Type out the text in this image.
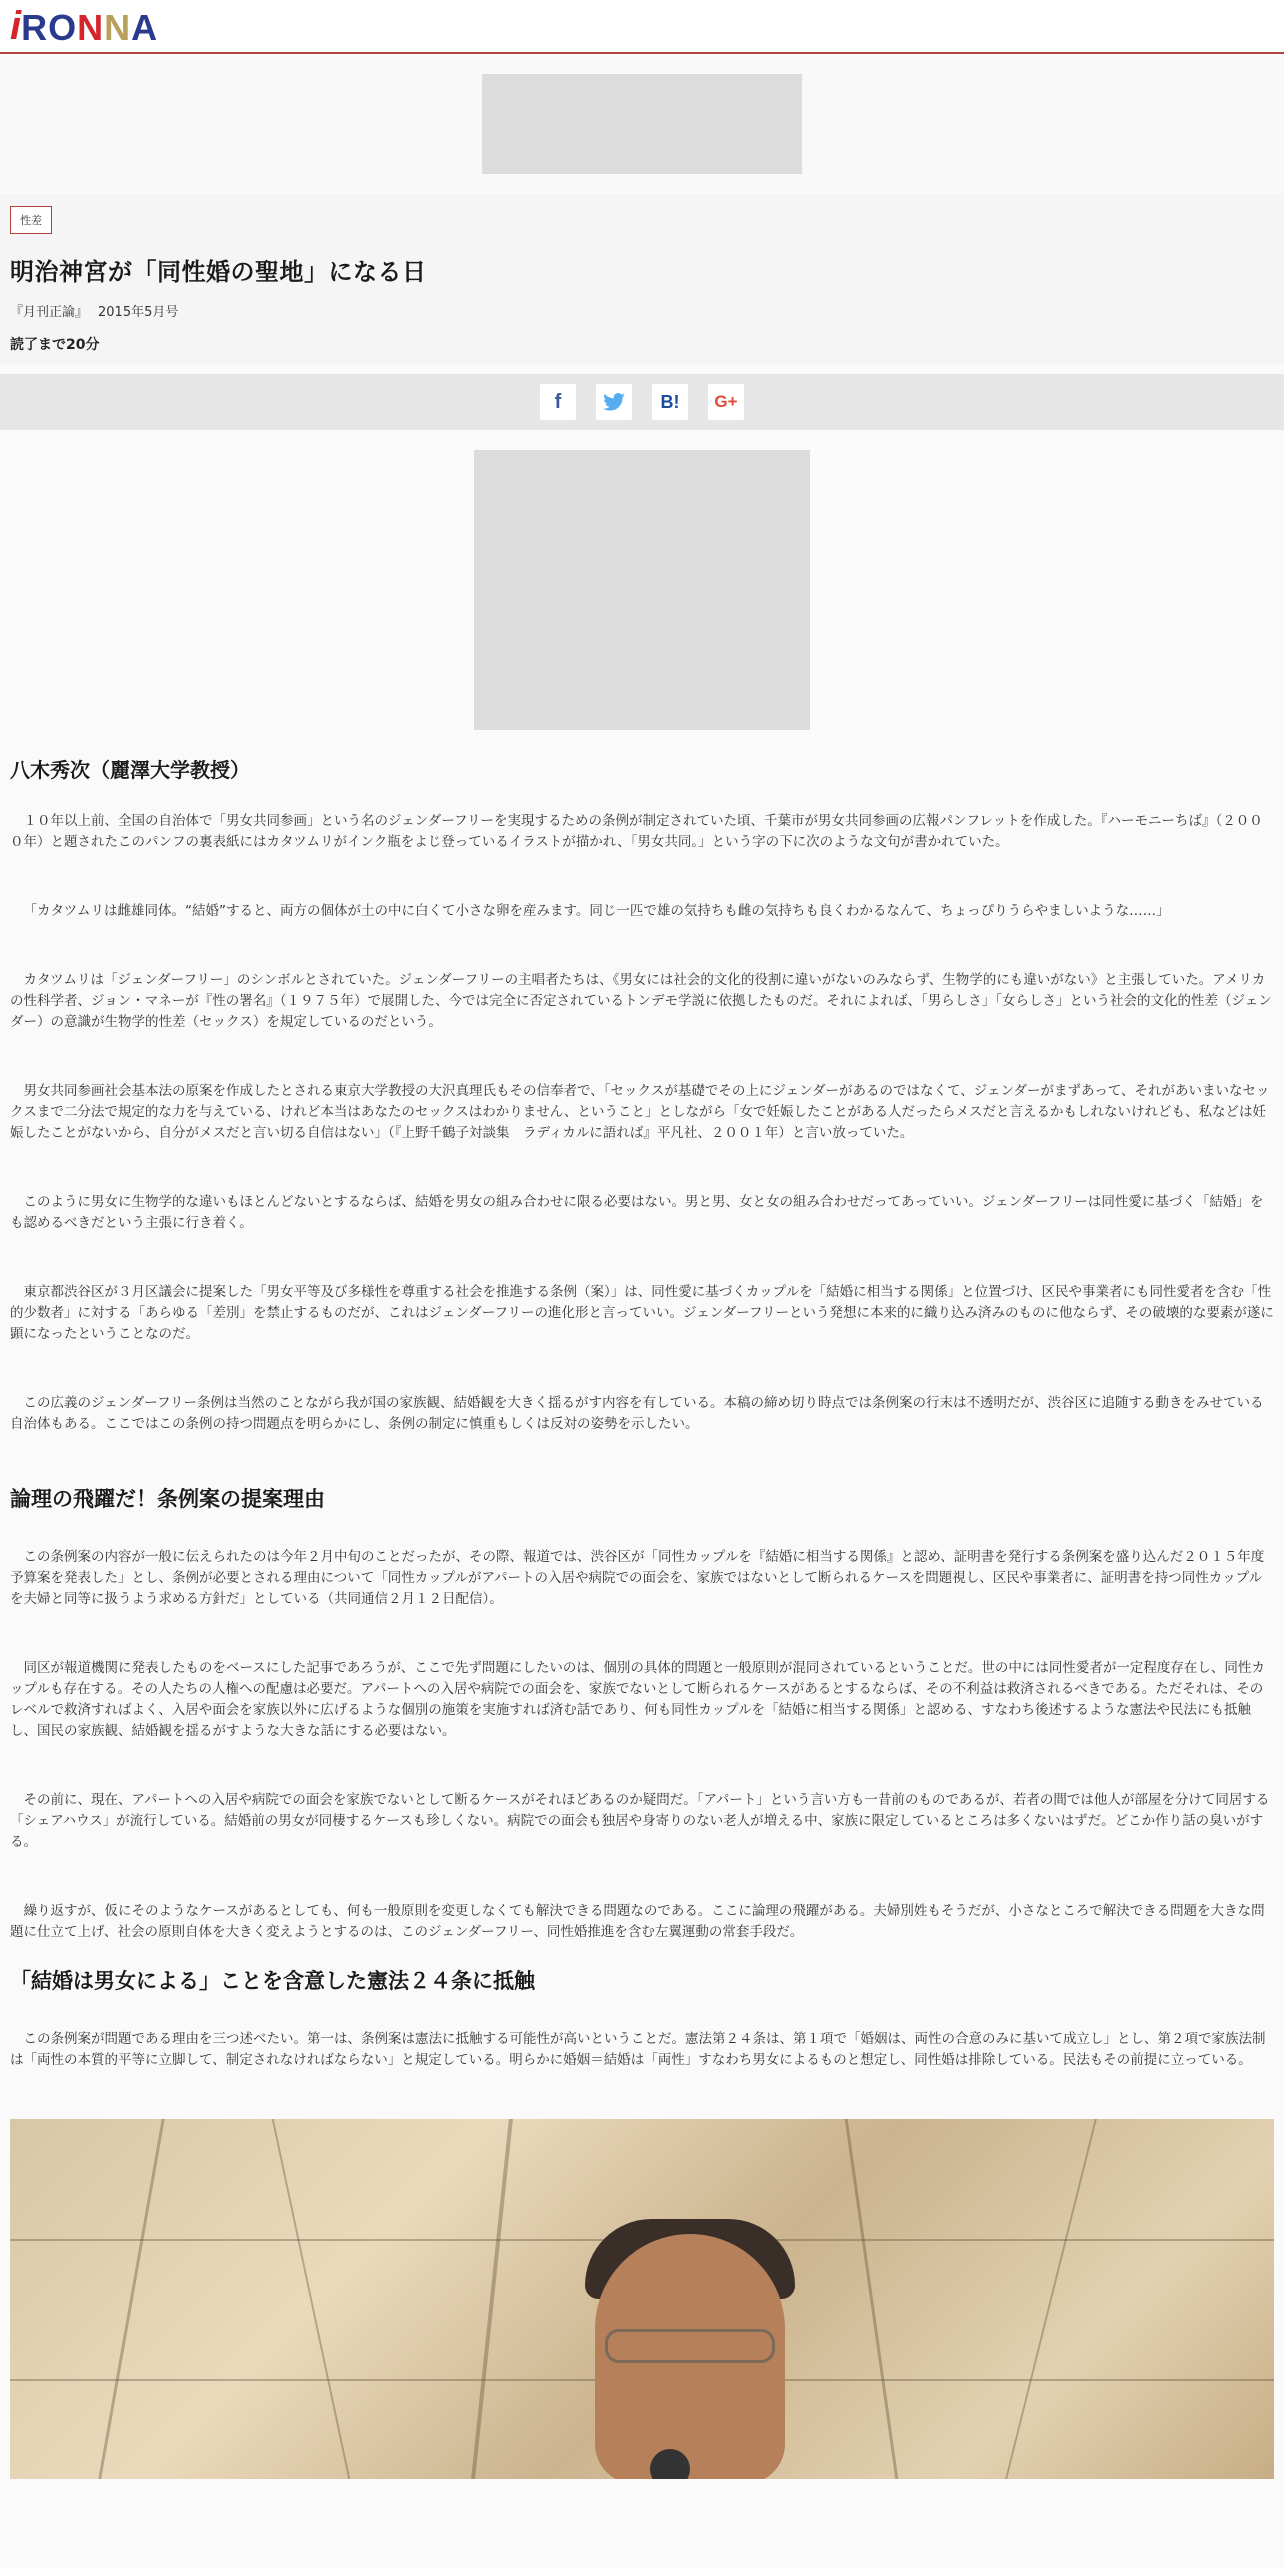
i RONNA
性差
明治神宮が「同性婚の聖地」になる日
『月刊正論』 2015年5月号
読了まで20分
f	B! G+
八木秀次（麗澤大学教授）

１０年以上前、全国の自治体で「男女共同参画」という名のジェンダーフリーを実現するための条例が制定されていた頃、千葉市が男女共同参画の広報パンフレットを作成した。『ハーモニーちば』（２０００年）と題されたこのパンフの裏表紙にはカタツムリがインク瓶をよじ登っているイラストが描かれ、「男女共同。」という字の下に次のような文句が書かれていた。

「カタツムリは雌雄同体。“結婚”すると、両方の個体が土の中に白くて小さな卵を産みます。同じ一匹で雄の気持ちも雌の気持ちも良くわかるなんて、ちょっぴりうらやましいような……」

カタツムリは「ジェンダーフリー」のシンボルとされていた。ジェンダーフリーの主唱者たちは、《男女には社会的文化的役割に違いがないのみならず、生物学的にも違いがない》と主張していた。アメリカの性科学者、ジョン・マネーが『性の署名』（１９７５年）で展開した、今では完全に否定されているトンデモ学説に依拠したものだ。それによれば、「男らしさ」「女らしさ」という社会的文化的性差（ジェンダー）の意識が生物学的性差（セックス）を規定しているのだという。

男女共同参画社会基本法の原案を作成したとされる東京大学教授の大沢真理氏もその信奉者で、「セックスが基礎でその上にジェンダーがあるのではなくて、ジェンダーがまずあって、それがあいまいなセックスまで二分法で規定的な力を与えている、けれど本当はあなたのセックスはわかりません、ということ」としながら「女で妊娠したことがある人だったらメスだと言えるかもしれないけれども、私などは妊娠したことがないから、自分がメスだと言い切る自信はない」（『上野千鶴子対談集　ラディカルに語れば』平凡社、２００１年）と言い放っていた。

このように男女に生物学的な違いもほとんどないとするならば、結婚を男女の組み合わせに限る必要はない。男と男、女と女の組み合わせだってあっていい。ジェンダーフリーは同性愛に基づく「結婚」をも認めるべきだという主張に行き着く。

東京都渋谷区が３月区議会に提案した「男女平等及び多様性を尊重する社会を推進する条例（案）」は、同性愛に基づくカップルを「結婚に相当する関係」と位置づけ、区民や事業者にも同性愛者を含む「性的少数者」に対する「あらゆる「差別」を禁止するものだが、これはジェンダーフリーの進化形と言っていい。ジェンダーフリーという発想に本来的に織り込み済みのものに他ならず、その破壊的な要素が遂に顕になったということなのだ。

この広義のジェンダーフリー条例は当然のことながら我が国の家族観、結婚観を大きく揺るがす内容を有している。本稿の締め切り時点では条例案の行末は不透明だが、渋谷区に追随する動きをみせている自治体もある。ここではこの条例の持つ問題点を明らかにし、条例の制定に慎重もしくは反対の姿勢を示したい。

論理の飛躍だ！条例案の提案理由

この条例案の内容が一般に伝えられたのは今年２月中旬のことだったが、その際、報道では、渋谷区が「同性カップルを『結婚に相当する関係』と認め、証明書を発行する条例案を盛り込んだ２０１５年度予算案を発表した」とし、条例が必要とされる理由について「同性カップルがアパートの入居や病院での面会を、家族ではないとして断られるケースを問題視し、区民や事業者に、証明書を持つ同性カップルを夫婦と同等に扱うよう求める方針だ」としている（共同通信２月１２日配信）。

同区が報道機関に発表したものをベースにした記事であろうが、ここで先ず問題にしたいのは、個別の具体的問題と一般原則が混同されているということだ。世の中には同性愛者が一定程度存在し、同性カップルも存在する。その人たちの人権への配慮は必要だ。アパートへの入居や病院での面会を、家族でないとして断られるケースがあるとするならば、その不利益は救済されるべきである。ただそれは、そのレベルで救済すればよく、入居や面会を家族以外に広げるような個別の施策を実施すれば済む話であり、何も同性カップルを「結婚に相当する関係」と認める、すなわち後述するような憲法や民法にも抵触し、国民の家族観、結婚観を揺るがすような大きな話にする必要はない。

その前に、現在、アパートへの入居や病院での面会を家族でないとして断るケースがそれほどあるのか疑問だ。「アパート」という言い方も一昔前のものであるが、若者の間では他人が部屋を分けて同居する「シェアハウス」が流行している。結婚前の男女が同棲するケースも珍しくない。病院での面会も独居や身寄りのない老人が増える中、家族に限定しているところは多くないはずだ。どこか作り話の臭いがする。

繰り返すが、仮にそのようなケースがあるとしても、何も一般原則を変更しなくても解決できる問題なのである。ここに論理の飛躍がある。夫婦別姓もそうだが、小さなところで解決できる問題を大きな問題に仕立て上げ、社会の原則自体を大きく変えようとするのは、このジェンダーフリー、同性婚推進を含む左翼運動の常套手段だ。

「結婚は男女による」ことを含意した憲法２４条に抵触

この条例案が問題である理由を三つ述べたい。第一は、条例案は憲法に抵触する可能性が高いということだ。憲法第２４条は、第１項で「婚姻は、両性の合意のみに基いて成立し」とし、第２項で家族法制は「両性の本質的平等に立脚して、制定されなければならない」と規定している。明らかに婚姻＝結婚は「両性」すなわち男女によるものと想定し、同性婚は排除している。民法もその前提に立っている。
